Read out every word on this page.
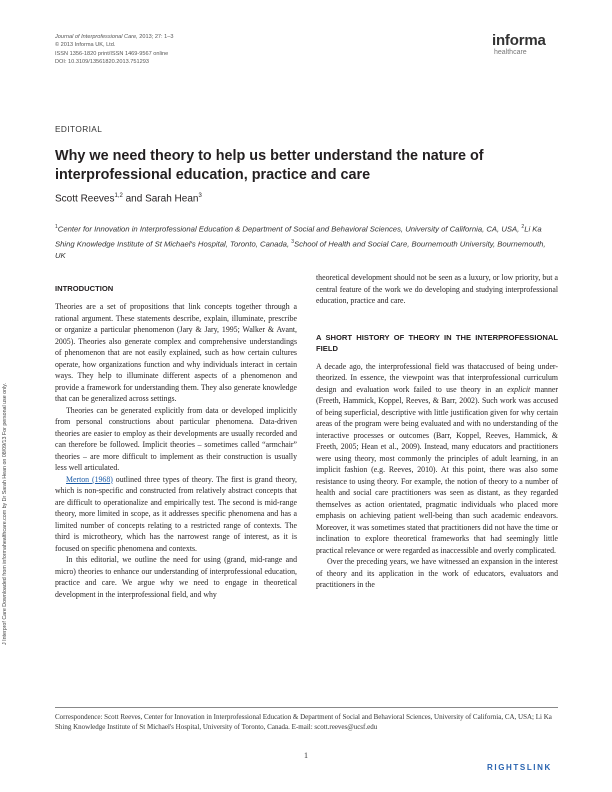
Journal of Interprofessional Care, 2013; 27: 1–3
© 2013 Informa UK, Ltd.
ISSN 1356-1820 print/ISSN 1469-9567 online
DOI: 10.3109/13561820.2013.751293
informa
healthcare
EDITORIAL
Why we need theory to help us better understand the nature of interprofessional education, practice and care
Scott Reeves$^{1,2}$ and Sarah Hean$^3$
$^1$Center for Innovation in Interprofessional Education & Department of Social and Behavioral Sciences, University of California, CA, USA, $^2$Li Ka Shing Knowledge Institute of St Michael's Hospital, Toronto, Canada, $^3$School of Health and Social Care, Bournemouth University, Bournemouth, UK
J Interprof Care Downloaded from informahealthcare.com by Dr Sarah Hean on 08/09/13 For personal use only.
INTRODUCTION

Theories are a set of propositions that link concepts together through a rational argument. These statements describe, explain, illuminate, prescribe or organize a particular phenomenon (Jary & Jary, 1995; Walker & Avant, 2005). Theories also generate complex and comprehensive understandings of phenomenon that are not easily explained, such as how certain cultures operate, how organizations function and why individuals interact in certain ways. They help to illuminate different aspects of a phenomenon and provide a framework for understanding them. They also generate knowledge that can be generalized across settings.

Theories can be generated explicitly from data or developed implicitly from personal constructions about particular phenomena. Data-driven theories are easier to employ as their developments are usually recorded and can therefore be followed. Implicit theories – sometimes called “armchair” theories – are more difficult to implement as their construction is usually less well articulated.

Merton (1968) outlined three types of theory. The first is grand theory, which is non-specific and constructed from relatively abstract concepts that are difficult to operationalize and empirically test. The second is mid-range theory, more limited in scope, as it addresses specific phenomena and has a limited number of concepts relating to a restricted range of contexts. The third is microtheory, which has the narrowest range of interest, as it is focused on specific phenomena and contexts.

In this editorial, we outline the need for using (grand, mid-range and micro) theories to enhance our understanding of interprofessional education, practice and care. We argue why we need to engage in theoretical development in the interprofessional field, and why

theoretical development should not be seen as a luxury, or low priority, but a central feature of the work we do developing and studying interprofessional education, practice and care.

A SHORT HISTORY OF THEORY IN THE INTERPROFESSIONAL FIELD

A decade ago, the interprofessional field was thataccused of being under-theorized. In essence, the viewpoint was that interprofessional curriculum design and evaluation work failed to use theory in an explicit manner (Freeth, Hammick, Koppel, Reeves, & Barr, 2002). Such work was accused of being superficial, descriptive with little justification given for why certain areas of the program were being evaluated and with no understanding of the interactive processes or outcomes (Barr, Koppel, Reeves, Hammick, & Freeth, 2005; Hean et al., 2009). Instead, many educators and practitioners were using theory, most commonly the principles of adult learning, in an implicit fashion (e.g. Reeves, 2010). At this point, there was also some resistance to using theory. For example, the notion of theory to a number of health and social care practitioners was seen as distant, as they regarded themselves as action orientated, pragmatic individuals who placed more emphasis on achieving patient well-being than such academic endeavors. Moreover, it was sometimes stated that practitioners did not have the time or inclination to explore theoretical frameworks that had seemingly little practical relevance or were regarded as inaccessible and overly complicated.

Over the preceding years, we have witnessed an expansion in the interest of theory and its application in the work of educators, evaluators and practitioners in the

Correspondence: Scott Reeves, Center for Innovation in Interprofessional Education & Department of Social and Behavioral Sciences, University of California, CA, USA; Li Ka Shing Knowledge Institute of St Michael's Hospital, University of Toronto, Canada. E-mail: scott.reeves@ucsf.edu
1
RIGHTSLINK
